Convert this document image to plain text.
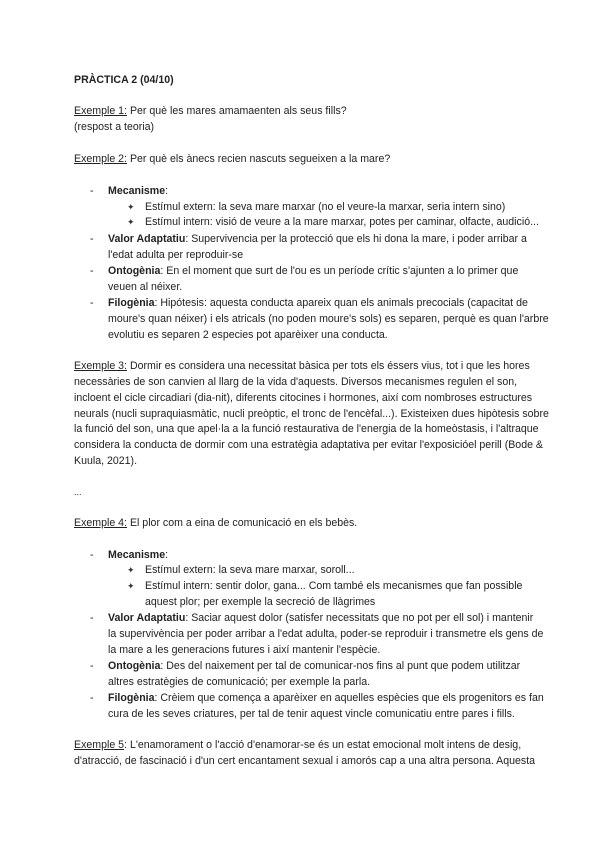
PRÀCTICA 2 (04/10)
Exemple 1: Per què les mares amamaenten als seus fills?
(respost a teoria)
Exemple 2: Per què els ànecs recien nascuts segueixen a la mare?
- Mecanisme:
✦ Estímul extern: la seva mare marxar (no el veure-la marxar, seria intern sino)
✦ Estímul intern: visió de veure a la mare marxar, potes per caminar, olfacte, audició...
- Valor Adaptatiu: Supervivencia per la protecció que els hi dona la mare, i poder arribar a
l'edat adulta per reproduir-se
- Ontogènia: En el moment que surt de l'ou es un període crític s'ajunten a lo primer que
veuen al néixer.
- Filogènia: Hipótesis: aquesta conducta apareix quan els animals precocials (capacitat de
moure's quan néixer) i els atricals (no poden moure's sols) es separen, perquè es quan l'arbre
evolutiu es separen 2 especies pot aparèixer una conducta.
Exemple 3: Dormir es considera una necessitat bàsica per tots els éssers vius, tot i que les hores
necessàries de son canvien al llarg de la vida d'aquests. Diversos mecanismes regulen el son,
incloent el cicle circadiari (dia-nit), diferents citocines i hormones, així com nombroses estructures
neurals (nucli supraquiasmàtic, nucli preòptic, el tronc de l'encèfal...). Existeixen dues hipòtesis sobre
la funció del son, una que apel·la a la funció restaurativa de l'energia de la homeòstasis, i l'altraque
considera la conducta de dormir com una estratègia adaptativa per evitar l'exposicióel perill (Bode &
Kuula, 2021).
...
Exemple 4: El plor com a eina de comunicació en els bebès.
- Mecanisme:
✦ Estímul extern: la seva mare marxar, soroll...
✦ Estímul intern: sentir dolor, gana... Com també els mecanismes que fan possible
aquest plor; per exemple la secreció de llàgrimes
- Valor Adaptatiu: Saciar aquest dolor (satisfer necessitats que no pot per ell sol) i mantenir
la supervivència per poder arribar a l'edat adulta, poder-se reproduir i transmetre els gens de
la mare a les generacions futures i així mantenir l'espècie.
- Ontogènia: Des del naixement per tal de comunicar-nos fins al punt que podem utilitzar
altres estratègies de comunicació; per exemple la parla.
- Filogènia: Crèiem que comença a aparèixer en aquelles espècies que els progenitors es fan
cura de les seves criatures, per tal de tenir aquest vincle comunicatiu entre pares i fills.
Exemple 5: L'enamorament o l'acció d'enamorar-se és un estat emocional molt intens de desig,
d'atracció, de fascinació i d'un cert encantament sexual i amorós cap a una altra persona. Aquesta
